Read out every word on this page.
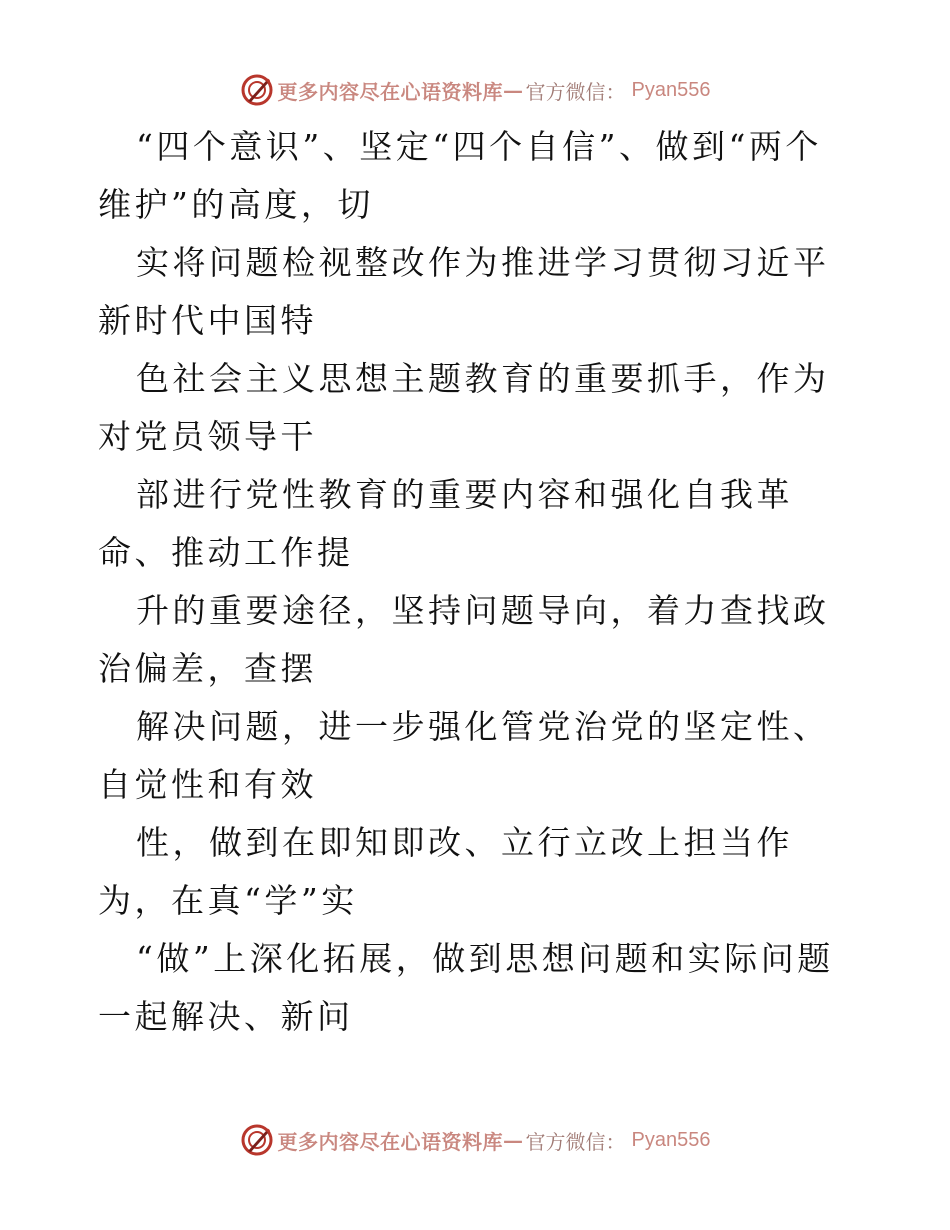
更多内容尽在心语资料库 — 官方微信： Pyan556

“四个意识”、坚定“四个自信”、做到“两个维护”的高度，切

实将问题检视整改作为推进学习贯彻习近平新时代中国特

色社会主义思想主题教育的重要抓手，作为对党员领导干

部进行党性教育的重要内容和强化自我革命、推动工作提

升的重要途径，坚持问题导向，着力查找政治偏差，查摆

解决问题，进一步强化管党治党的坚定性、自觉性和有效

性，做到在即知即改、立行立改上担当作为，在真“学”实

“做”上深化拓展，做到思想问题和实际问题一起解决、新问

更多内容尽在心语资料库 — 官方微信： Pyan556
